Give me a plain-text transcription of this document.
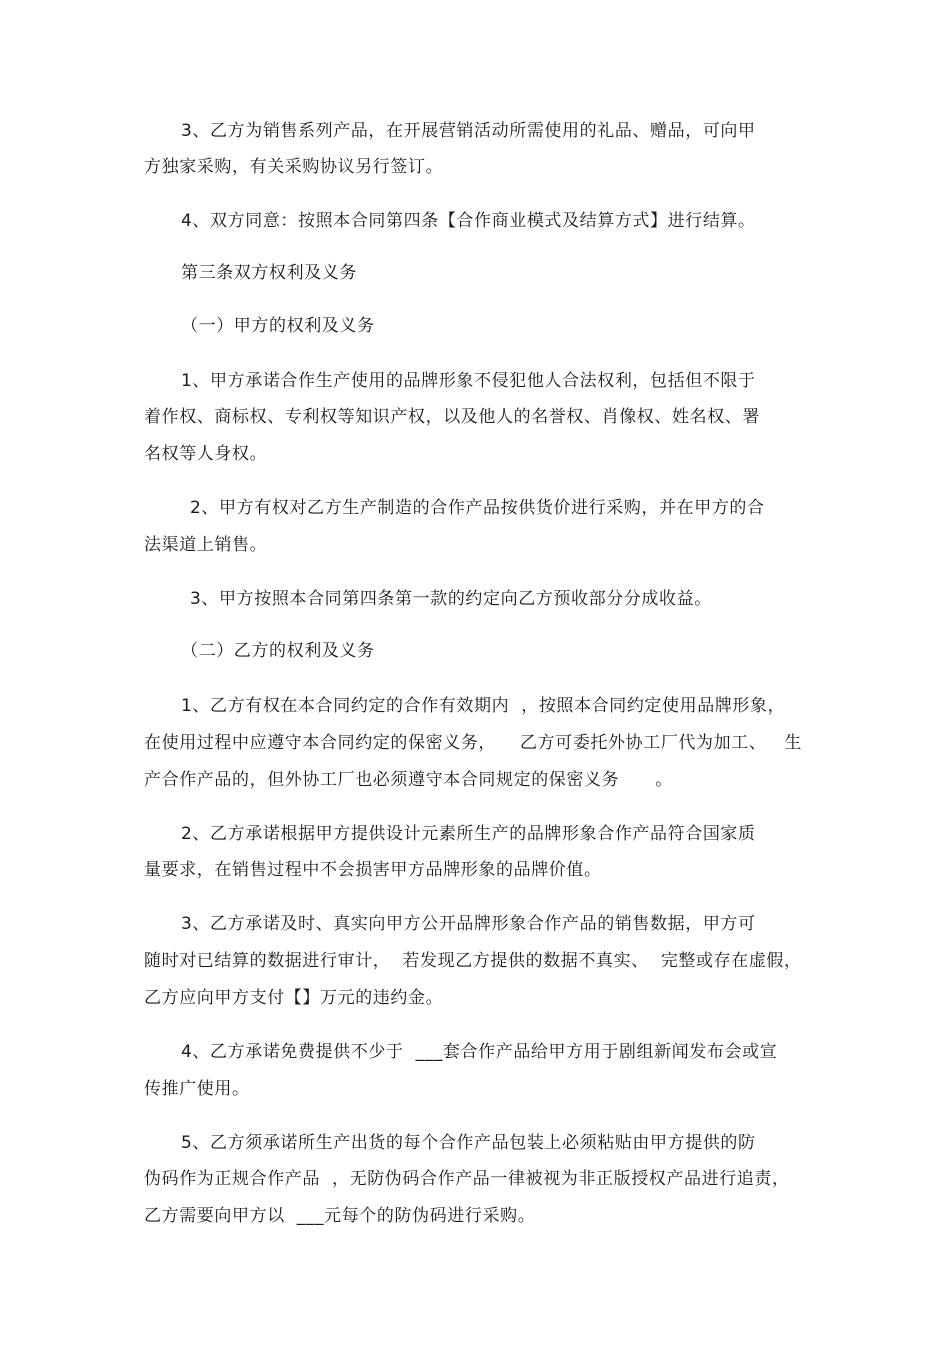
3、乙方为销售系列产品，在开展营销活动所需使用的礼品、赠品，可向甲

方独家采购，有关采购协议另行签订。

4、双方同意：按照本合同第四条【合作商业模式及结算方式】进行结算。

第三条双方权利及义务

（一）甲方的权利及义务

1、甲方承诺合作生产使用的品牌形象不侵犯他人合法权利，包括但不限于

着作权、商标权、专利权等知识产权，以及他人的名誉权、肖像权、姓名权、署

名权等人身权。

2、甲方有权对乙方生产制造的合作产品按供货价进行采购，并在甲方的合

法渠道上销售。

3、甲方按照本合同第四条第一款的约定向乙方预收部分分成收益。

（二）乙方的权利及义务

1、乙方有权在本合同约定的合作有效期内  ，按照本合同约定使用品牌形象，

在使用过程中应遵守本合同约定的保密义务，    乙方可委托外协工厂代为加工、   生

产合作产品的，但外协工厂也必须遵守本合同规定的保密义务      。

2、乙方承诺根据甲方提供设计元素所生产的品牌形象合作产品符合国家质

量要求，在销售过程中不会损害甲方品牌形象的品牌价值。

3、乙方承诺及时、真实向甲方公开品牌形象合作产品的销售数据，甲方可

随时对已结算的数据进行审计，  若发现乙方提供的数据不真实、  完整或存在虚假，

乙方应向甲方支付【】万元的违约金。

4、乙方承诺免费提供不少于  ___套合作产品给甲方用于剧组新闻发布会或宣

传推广使用。

5、乙方须承诺所生产出货的每个合作产品包装上必须粘贴由甲方提供的防

伪码作为正规合作产品  ，无防伪码合作产品一律被视为非正版授权产品进行追责，

乙方需要向甲方以  ___元每个的防伪码进行采购。
